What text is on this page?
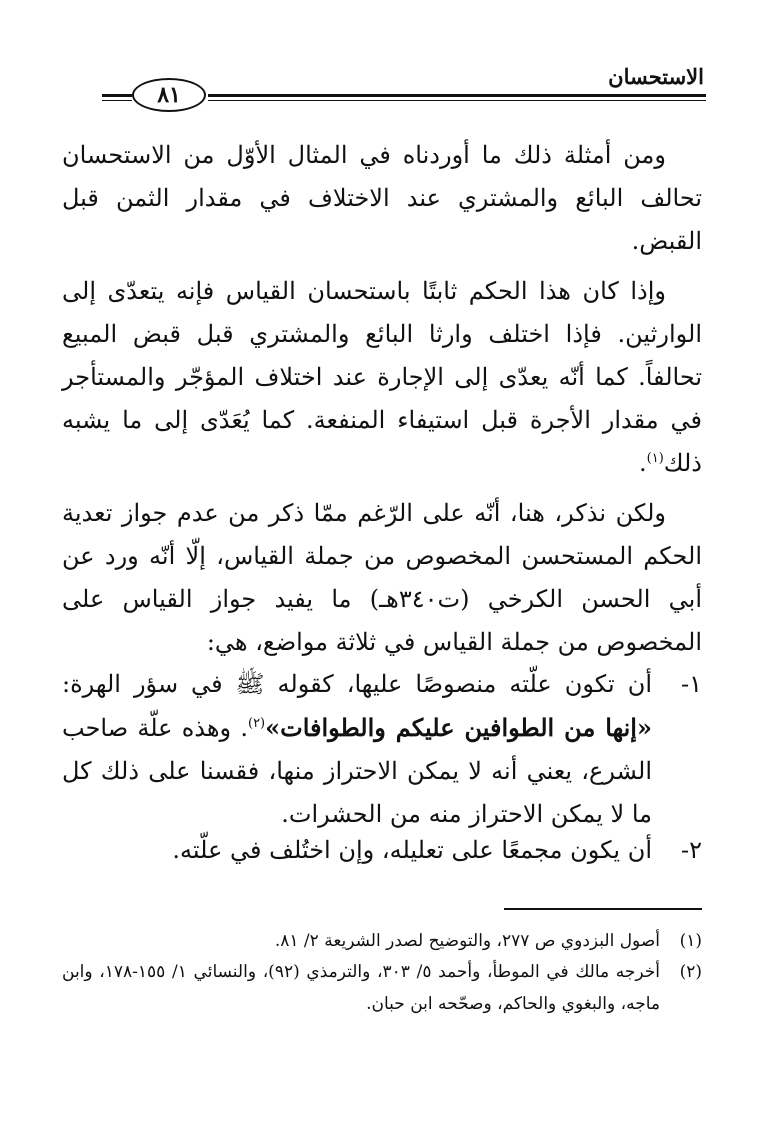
الاستحسان
٨١
ومن أمثلة ذلك ما أوردناه في المثال الأوّل من الاستحسان تحالف البائع والمشتري عند الاختلاف في مقدار الثمن قبل القبض.
وإذا كان هذا الحكم ثابتًا باستحسان القياس فإنه يتعدّى إلى الوارثين. فإذا اختلف وارثا البائع والمشتري قبل قبض المبيع تحالفاً. كما أنّه يعدّى إلى الإجارة عند اختلاف المؤجّر والمستأجر في مقدار الأجرة قبل استيفاء المنفعة. كما يُعَدّى إلى ما يشبه ذلك$^{(١)}$.
ولكن نذكر، هنا، أنّه على الرّغم ممّا ذكر من عدم جواز تعدية الحكم المستحسن المخصوص من جملة القياس، إلّا أنّه ورد عن أبي الحسن الكرخي (ت٣٤٠هـ) ما يفيد جواز القياس على المخصوص من جملة القياس في ثلاثة مواضع، هي:
١-
أن تكون علّته منصوصًا عليها، كقوله ﷺ في سؤر الهرة: «إنها من الطوافين عليكم والطوافات»$^{(٢)}$. وهذه علّة صاحب الشرع، يعني أنه لا يمكن الاحتراز منها، فقسنا على ذلك كل ما لا يمكن الاحتراز منه من الحشرات.
٢-
أن يكون مجمعًا على تعليله، وإن اختُلف في علّته.
(١)
أصول البزدوي ص ٢٧٧، والتوضيح لصدر الشريعة ٢/ ٨١.
(٢)
أخرجه مالك في الموطأ، وأحمد ٥/ ٣٠٣، والترمذي (٩٢)، والنسائي ١/ ١٥٥-١٧٨، وابن ماجه، والبغوي والحاكم، وصحّحه ابن حبان.
